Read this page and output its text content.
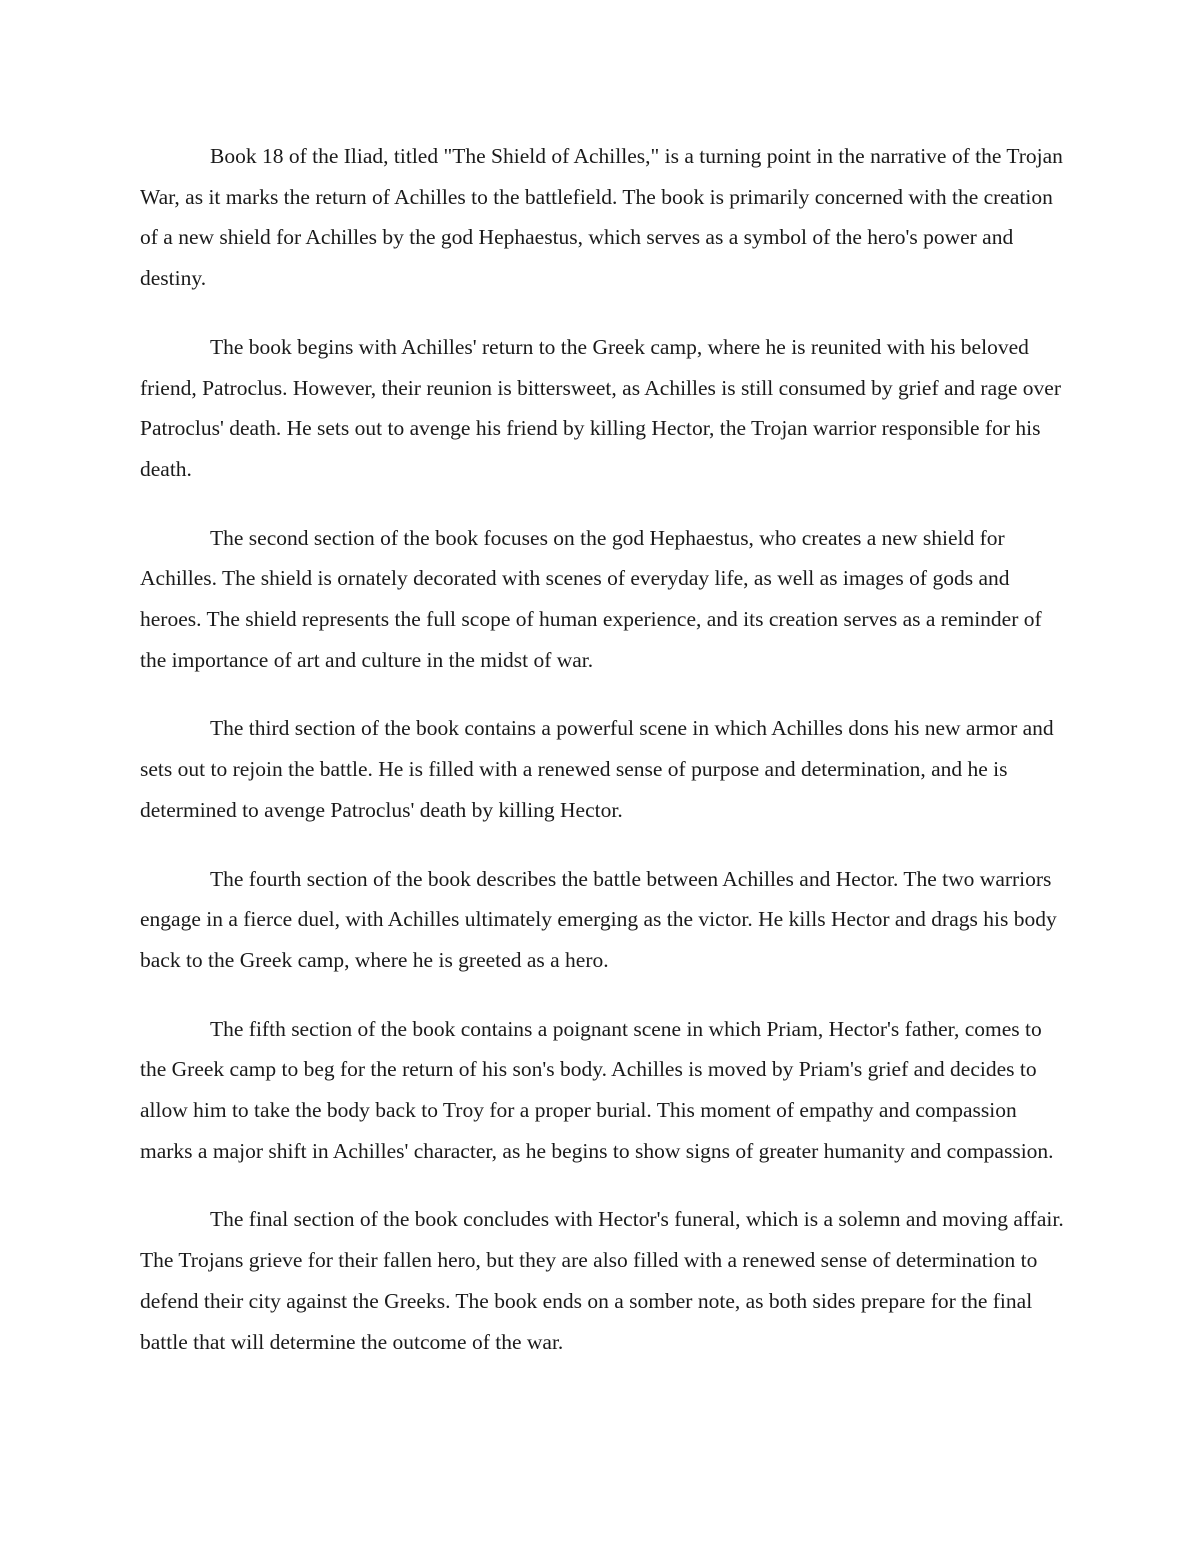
Book 18 of the Iliad, titled "The Shield of Achilles," is a turning point in the narrative of the Trojan War, as it marks the return of Achilles to the battlefield. The book is primarily concerned with the creation of a new shield for Achilles by the god Hephaestus, which serves as a symbol of the hero's power and destiny.

The book begins with Achilles' return to the Greek camp, where he is reunited with his beloved friend, Patroclus. However, their reunion is bittersweet, as Achilles is still consumed by grief and rage over Patroclus' death. He sets out to avenge his friend by killing Hector, the Trojan warrior responsible for his death.

The second section of the book focuses on the god Hephaestus, who creates a new shield for Achilles. The shield is ornately decorated with scenes of everyday life, as well as images of gods and heroes. The shield represents the full scope of human experience, and its creation serves as a reminder of the importance of art and culture in the midst of war.

The third section of the book contains a powerful scene in which Achilles dons his new armor and sets out to rejoin the battle. He is filled with a renewed sense of purpose and determination, and he is determined to avenge Patroclus' death by killing Hector.

The fourth section of the book describes the battle between Achilles and Hector. The two warriors engage in a fierce duel, with Achilles ultimately emerging as the victor. He kills Hector and drags his body back to the Greek camp, where he is greeted as a hero.

The fifth section of the book contains a poignant scene in which Priam, Hector's father, comes to the Greek camp to beg for the return of his son's body. Achilles is moved by Priam's grief and decides to allow him to take the body back to Troy for a proper burial. This moment of empathy and compassion marks a major shift in Achilles' character, as he begins to show signs of greater humanity and compassion.

The final section of the book concludes with Hector's funeral, which is a solemn and moving affair. The Trojans grieve for their fallen hero, but they are also filled with a renewed sense of determination to defend their city against the Greeks. The book ends on a somber note, as both sides prepare for the final battle that will determine the outcome of the war.
